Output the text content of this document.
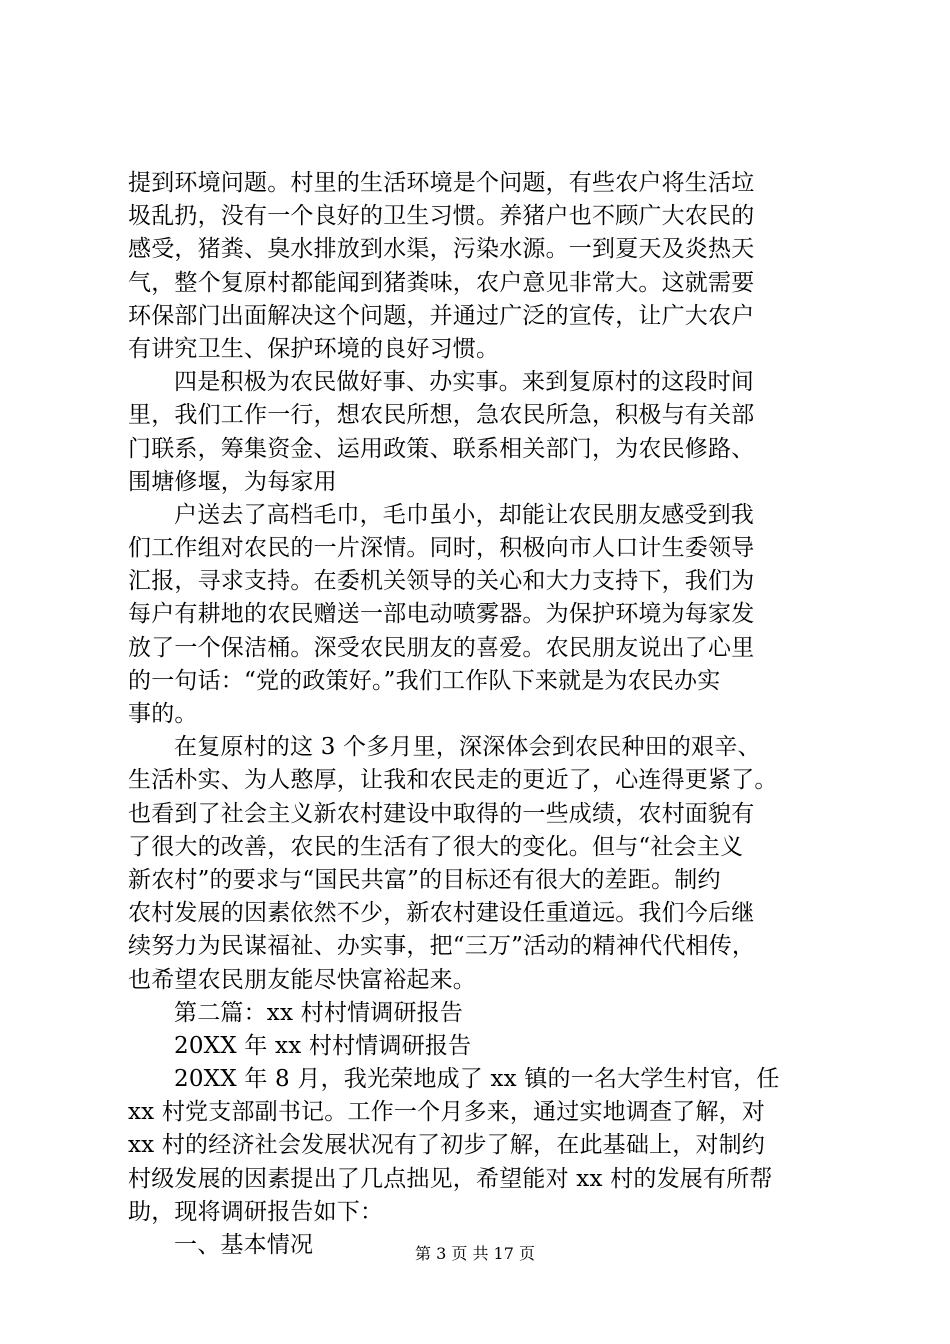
提到环境问题。村里的生活环境是个问题，有些农户将生活垃
圾乱扔，没有一个良好的卫生习惯。养猪户也不顾广大农民的
感受，猪粪、臭水排放到水渠，污染水源。一到夏天及炎热天
气，整个复原村都能闻到猪粪味，农户意见非常大。这就需要
环保部门出面解决这个问题，并通过广泛的宣传，让广大农户
有讲究卫生、保护环境的良好习惯。
四是积极为农民做好事、办实事。来到复原村的这段时间
里，我们工作一行，想农民所想，急农民所急，积极与有关部
门联系，筹集资金、运用政策、联系相关部门，为农民修路、
围塘修堰，为每家用
户送去了高档毛巾，毛巾虽小，却能让农民朋友感受到我
们工作组对农民的一片深情。同时，积极向市人口计生委领导
汇报，寻求支持。在委机关领导的关心和大力支持下，我们为
每户有耕地的农民赠送一部电动喷雾器。为保护环境为每家发
放了一个保洁桶。深受农民朋友的喜爱。农民朋友说出了心里
的一句话：“党的政策好。”我们工作队下来就是为农民办实
事的。
在复原村的这 3 个多月里，深深体会到农民种田的艰辛、
生活朴实、为人憨厚，让我和农民走的更近了，心连得更紧了。
也看到了社会主义新农村建设中取得的一些成绩，农村面貌有
了很大的改善，农民的生活有了很大的变化。但与“社会主义
新农村”的要求与“国民共富”的目标还有很大的差距。制约
农村发展的因素依然不少，新农村建设任重道远。我们今后继
续努力为民谋福祉、办实事，把“三万”活动的精神代代相传，
也希望农民朋友能尽快富裕起来。
第二篇：xx 村村情调研报告
20XX 年 xx 村村情调研报告
20XX 年 8 月，我光荣地成了 xx 镇的一名大学生村官，任
xx 村党支部副书记。工作一个月多来，通过实地调查了解，对
xx 村的经济社会发展状况有了初步了解，在此基础上，对制约
村级发展的因素提出了几点拙见，希望能对 xx 村的发展有所帮
助，现将调研报告如下：
一、基本情况	第 3 页 共 17 页
